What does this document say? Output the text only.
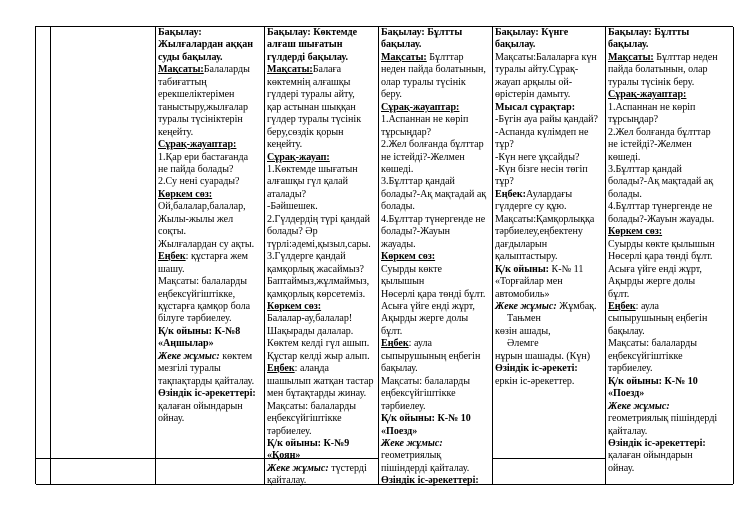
Бақылау:

Жылғалардан аққан

суды бақылау.

Мақсаты:Балаларды

табиғаттың

ерекшеліктерімен

таныстыру,жылғалар

туралы түсініктерін

кеңейту.

Сұрақ-жауаптар:

1.Қар ери бастағанда

не пайда болады?

2.Су нені суарады?

Көркем сөз:

Ой,балалар,балалар,

Жылы-жылы жел

соқты.

Жылғалардан су ақты.

Еңбек: құстарға жем

шашу.

Мақсаты: балаларды

еңбексүйгіштікке,

құстарға қамқор бола

білуге тәрбиелеу.

Қ/к ойыны: К-№8

«Аңшылар»

Жеке жұмыс: көктем

мезгілі туралы

тақпақтарды қайталау.

Өзіндік іс-әрекеттері:

қалаған ойындарын

ойнау.

Бақылау: Көктемде

алғаш шығатын

гүлдерді бақылау.

Мақсаты:Балаға

көктемнің алғашқы

гүлдері туралы айту,

қар астынан шыққан

гүлдер туралы түсінік

беру,сөздік қорын

кеңейту.

Сұрақ-жауап:

1.Көктемде шығатын

алғашқы гүл қалай

аталады?

-Бәйшешек.

2.Гүлдердің түрі қандай

болады? Әр

түрлі:әдемі,қызыл,сары.

3.Гүлдерге қандай

қамқорлық жасаймыз?

Баптаймыз,жұлмаймыз,

қамқорлық көрсетеміз.

Көркем сөз:

Балалар-ау,балалар!

Шақырады далалар.

Көктем келді гүл ашып.

Құстар келді жыр алып.

Еңбек: алаңда

шашылып жатқан тастар

мен бұтақтарды жинау.

Мақсаты: балаларды

еңбексүйгіштікке

тәрбиелеу.

Қ/к ойыны: К-№9

«Қоян»

Жеке жұмыс: түстерді

қайталау.

Бақылау: Бұлтты

бақылау.

Мақсаты: Бұлттар

неден пайда болатынын,

олар туралы түсінік

беру.

Сұрақ-жауаптар:

1.Аспаннан не көріп

тұрсыңдар?

2.Жел болғанда бұлттар

не істейді?-Желмен

көшеді.

3.Бұлттар қандай

болады?-Ақ мақтадай ақ

болады.

4.Бұлттар түнергенде не

болады?-Жауын

жауады.

Көркем сөз:

Суырды көкте

қылышын

Нөсерлі қара төнді бұлт.

Асыға үйге енді жұрт,

Ақырды жерге долы

бұлт.

Еңбек: аула

сыпырушының еңбегін

бақылау.

Мақсаты: балаларды

еңбексүйгіштікке

тәрбиелеу.

Қ/к ойыны: К-№ 10

«Поезд»

Жеке жұмыс:

геометриялық

пішіндерді қайталау.

Өзіндік іс-әрекеттері:

Бақылау: Күнге

бақылау.

Мақсаты:Балаларға күн

туралы айту.Сұрақ-

жауап арқылы ой-

өрістерін дамыту.

Мысал сұрақтар:

-Бүгін ауа райы қандай?

-Аспанда күлімдеп не

тұр?

-Күн неге ұқсайды?

-Күн бізге несін төгіп

тұр?

Еңбек:Аулардағы

гүлдерге су құю.

Мақсаты:Қамқорлыққа

тәрбиелеу,еңбектену

дағдыларын

қалыптастыру.

Қ/к ойыны: К-№ 11

«Торғайлар мен

автомобиль»

Жеке жұмыс: Жұмбақ.

Тањмен

көзін ашады,

Әлемге

нұрын шашады. (Күн)

Өзіндік іс-әрекеті:

еркін іс-әрекеттер.

Бақылау: Бұлтты

бақылау.

Мақсаты: Бұлттар неден

пайда болатынын, олар

туралы түсінік беру.

Сұрақ-жауаптар:

1.Аспаннан не көріп

тұрсыңдар?

2.Жел болғанда бұлттар

не істейді?-Желмен

көшеді.

3.Бұлттар қандай

болады?-Ақ мақтадай ақ

болады.

4.Бұлттар түнергенде не

болады?-Жауын жауады.

Көркем сөз:

Суырды көкте қылышын

Нөсерлі қара төнді бұлт.

Асыға үйге енді жұрт,

Ақырды жерге долы

бұлт.

Еңбек: аула

сыпырушының еңбегін

бақылау.

Мақсаты: балаларды

еңбексүйгіштікке

тәрбиелеу.

Қ/к ойыны: К-№ 10

«Поезд»

Жеке жұмыс:

геометриялық пішіндерді

қайталау.

Өзіндік іс-әрекеттері:

қалаған ойындарын

ойнау.
